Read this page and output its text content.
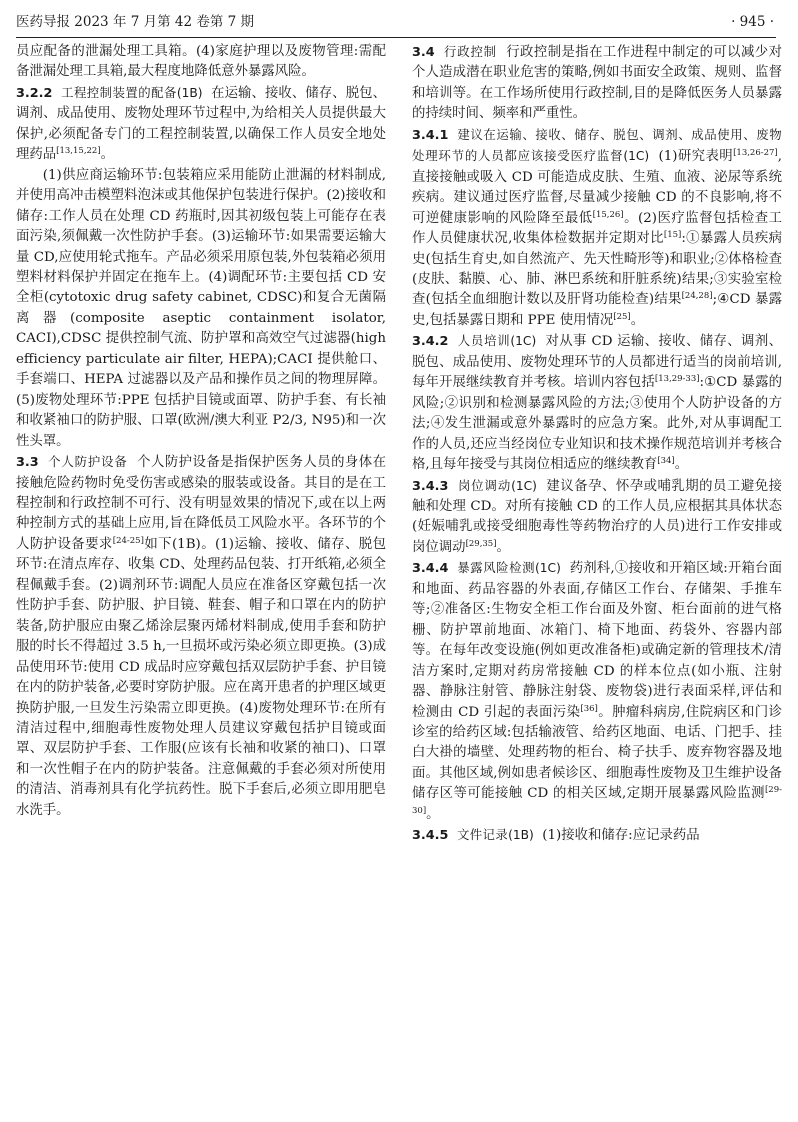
医药导报 2023 年 7 月第 42 卷第 7 期	· 945 ·

员应配备的泄漏处理工具箱。(4)家庭护理以及废物管理:需配备泄漏处理工具箱,最大程度地降低意外暴露风险。

3.2.2 工程控制装置的配备(1B) 在运输、接收、储存、脱包、调剂、成品使用、废物处理环节过程中,为给相关人员提供最大保护,必须配备专门的工程控制装置,以确保工作人员安全地处理药品[13,15,22]。

(1)供应商运输环节:包装箱应采用能防止泄漏的材料制成,并使用高冲击模塑料泡沫或其他保护包装进行保护。(2)接收和储存:工作人员在处理 CD 药瓶时,因其初级包装上可能存在表面污染,须佩戴一次性防护手套。(3)运输环节:如果需要运输大量 CD,应使用轮式拖车。产品必须采用原包装,外包装箱必须用塑料材料保护并固定在拖车上。(4)调配环节:主要包括 CD 安全柜(cytotoxic drug safety cabinet, CDSC)和复合无菌隔离器(composite aseptic containment isolator, CACI),CDSC 提供控制气流、防护罩和高效空气过滤器(high efficiency particulate air filter, HEPA);CACI 提供舱口、手套端口、HEPA 过滤器以及产品和操作员之间的物理屏障。(5)废物处理环节:PPE 包括护目镜或面罩、防护手套、有长袖和收紧袖口的防护服、口罩(欧洲/澳大利亚 P2/3, N95)和一次性头罩。

3.3 个人防护设备 个人防护设备是指保护医务人员的身体在接触危险药物时免受伤害或感染的服装或设备。其目的是在工程控制和行政控制不可行、没有明显效果的情况下,或在以上两种控制方式的基础上应用,旨在降低员工风险水平。各环节的个人防护设备要求[24-25]如下(1B)。(1)运输、接收、储存、脱包环节:在清点库存、收集 CD、处理药品包装、打开纸箱,必须全程佩戴手套。(2)调剂环节:调配人员应在准备区穿戴包括一次性防护手套、防护服、护目镜、鞋套、帽子和口罩在内的防护装备,防护服应由聚乙烯涂层聚丙烯材料制成,使用手套和防护服的时长不得超过 3.5 h,一旦损坏或污染必须立即更换。(3)成品使用环节:使用 CD 成品时应穿戴包括双层防护手套、护目镜在内的防护装备,必要时穿防护服。应在离开患者的护理区域更换防护服,一旦发生污染需立即更换。(4)废物处理环节:在所有清洁过程中,细胞毒性废物处理人员建议穿戴包括护目镜或面罩、双层防护手套、工作服(应该有长袖和收紧的袖口)、口罩和一次性帽子在内的防护装备。注意佩戴的手套必须对所使用的清洁、消毒剂具有化学抗药性。脱下手套后,必须立即用肥皂水洗手。

3.4 行政控制 行政控制是指在工作进程中制定的可以减少对个人造成潜在职业危害的策略,例如书面安全政策、规则、监督和培训等。在工作场所使用行政控制,目的是降低医务人员暴露的持续时间、频率和严重性。

3.4.1 建议在运输、接收、储存、脱包、调剂、成品使用、废物处理环节的人员都应该接受医疗监督(1C) (1)研究表明[13,26-27],直接接触或吸入 CD 可能造成皮肤、生殖、血液、泌尿等系统疾病。建议通过医疗监督,尽量减少接触 CD 的不良影响,将不可逆健康影响的风险降至最低[15,26]。(2)医疗监督包括检查工作人员健康状况,收集体检数据并定期对比[15]:①暴露人员疾病史(包括生育史,如自然流产、先天性畸形等)和职业;②体格检查(皮肤、黏膜、心、肺、淋巴系统和肝脏系统)结果;③实验室检查(包括全血细胞计数以及肝肾功能检查)结果[24,28];④CD 暴露史,包括暴露日期和 PPE 使用情况[25]。

3.4.2 人员培训(1C) 对从事 CD 运输、接收、储存、调剂、脱包、成品使用、废物处理环节的人员都进行适当的岗前培训,每年开展继续教育并考核。培训内容包括[13,29-33]:①CD 暴露的风险;②识别和检测暴露风险的方法;③使用个人防护设备的方法;④发生泄漏或意外暴露时的应急方案。此外,对从事调配工作的人员,还应当经岗位专业知识和技术操作规范培训并考核合格,且每年接受与其岗位相适应的继续教育[34]。

3.4.3 岗位调动(1C) 建议备孕、怀孕或哺乳期的员工避免接触和处理 CD。对所有接触 CD 的工作人员,应根据其具体状态(妊娠哺乳或接受细胞毒性等药物治疗的人员)进行工作安排或岗位调动[29,35]。

3.4.4 暴露风险检测(1C) 药剂科,①接收和开箱区域:开箱台面和地面、药品容器的外表面,存储区工作台、存储架、手推车等;②准备区:生物安全柜工作台面及外窗、柜台面前的进气格栅、防护罩前地面、冰箱门、椅下地面、药袋外、容器内部等。在每年改变设施(例如更改准备柜)或确定新的管理技术/清洁方案时,定期对药房常接触 CD 的样本位点(如小瓶、注射器、静脉注射管、静脉注射袋、废物袋)进行表面采样,评估和检测由 CD 引起的表面污染[36]。肿瘤科病房,住院病区和门诊诊室的给药区域:包括输液管、给药区地面、电话、门把手、挂白大褂的墙壁、处理药物的柜台、椅子扶手、废弃物容器及地面。其他区域,例如患者候诊区、细胞毒性废物及卫生维护设备储存区等可能接触 CD 的相关区域,定期开展暴露风险监测[29-30]。

3.4.5 文件记录(1B) (1)接收和储存:应记录药品
